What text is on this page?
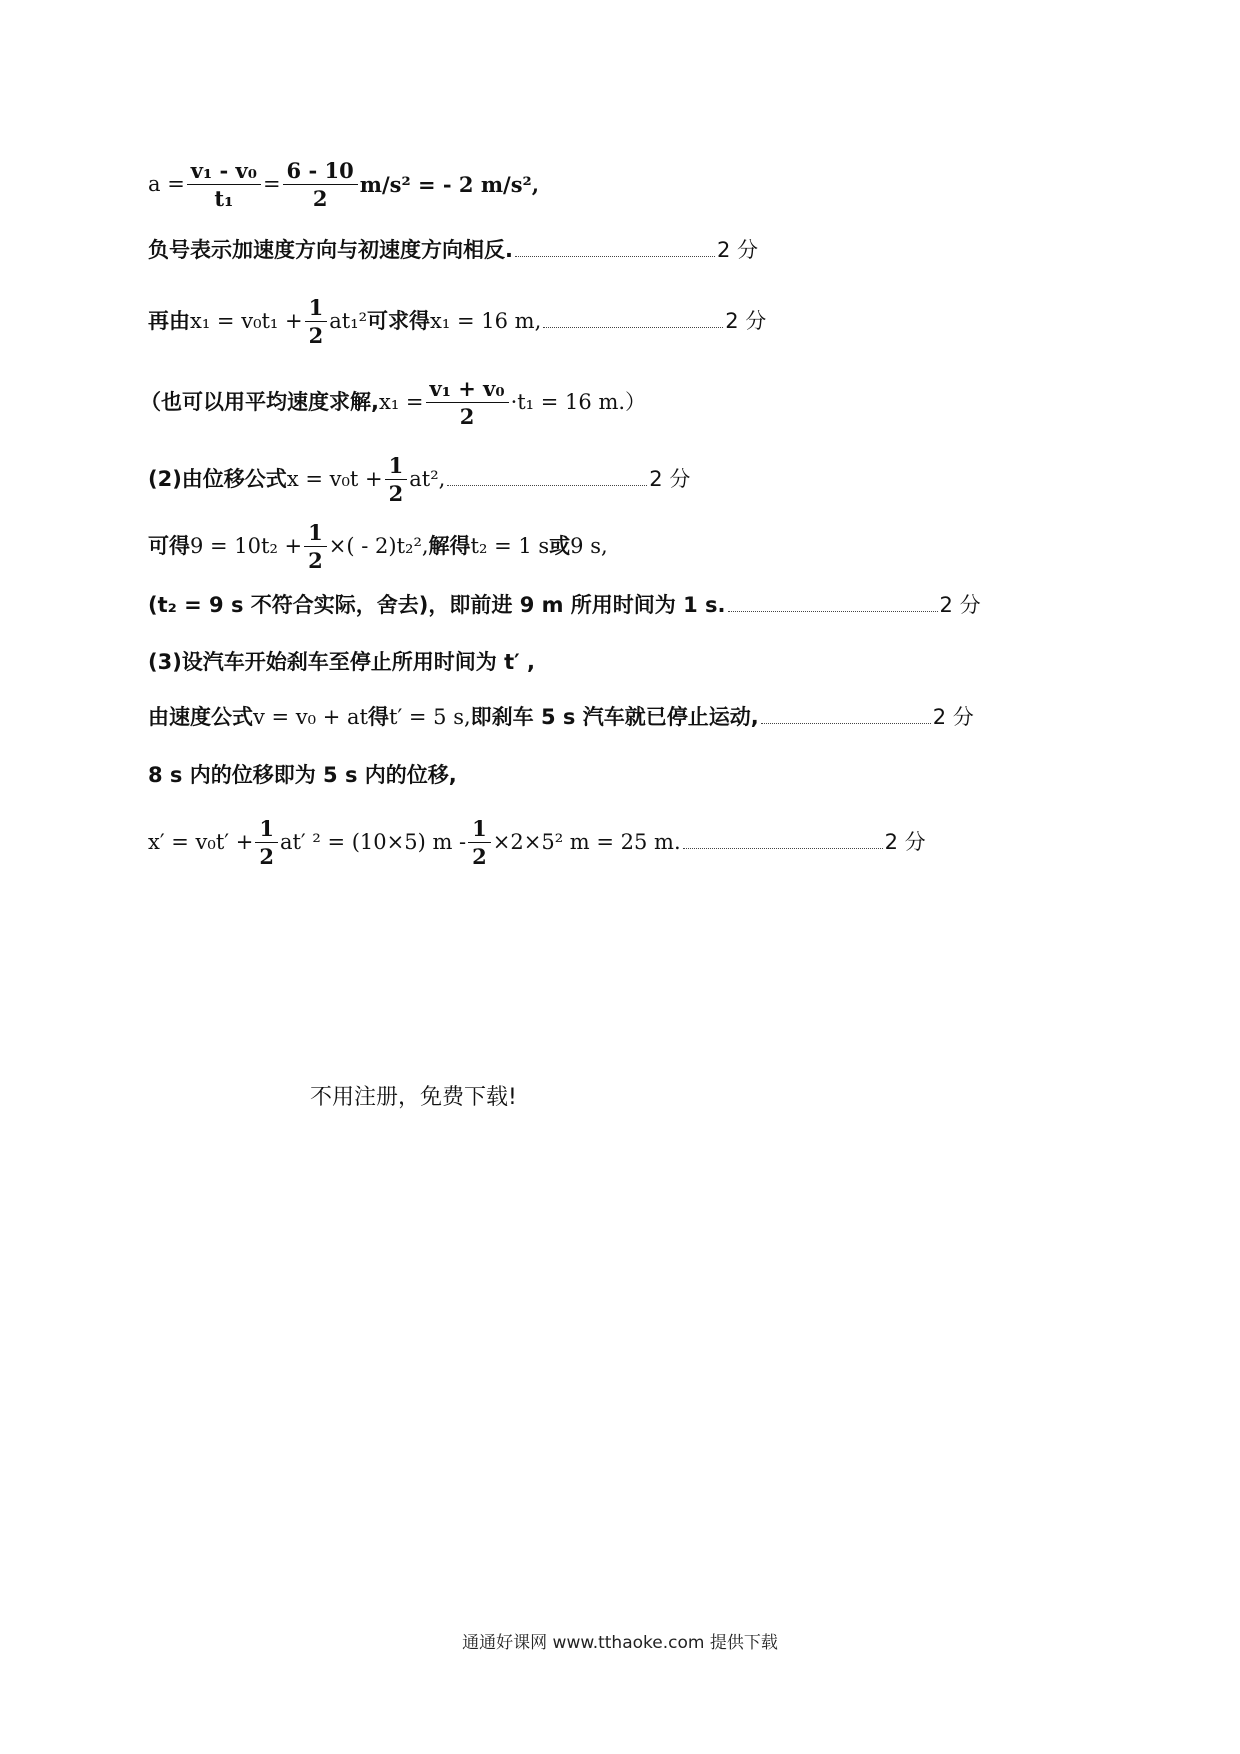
$a = \frac{\text{v₁ - v₀}}{\text{t₁}} = \frac{6 - 10}{2} m/s^2$ = - 2 m/s²,
负号表示加速度方向与初速度方向相反.	2 分
再由 $x_1 = v_0t_1 + \frac{1}{2} at_1^2$ 可求得 x₁ = 16 m,	2 分
（也可以用平均速度求解, $x_1 = \frac{\text{v₁ + v₀}}{2} \cdot t_1 = 16$ m.）
(2)由位移公式 $x = v_0t + \frac{1}{2} at^2$,	2 分
可得 $9 = 10t_2 + \frac{1}{2}$ ×( - 2)t₂², 解得 t₂ = 1 s 或 9 s,
(t₂ = 9 s 不符合实际，舍去)，即前进 9 m 所用时间为 1 s.	2 分
(3)设汽车开始刹车至停止所用时间为 t′ ,
由速度公式 v = v₀ + at 得 t′ = 5 s, 即刹车 5 s 汽车就已停止运动,	2 分
8 s 内的位移即为 5 s 内的位移,
$x' = v_0t' + \frac{1}{2} at'$ ² = (10×5) $m - \frac{1}{2} \times 2\times 5^2$ m = 25 m.	2 分
不用注册，免费下载!
通通好课网 www.tthaoke.com 提供下载
